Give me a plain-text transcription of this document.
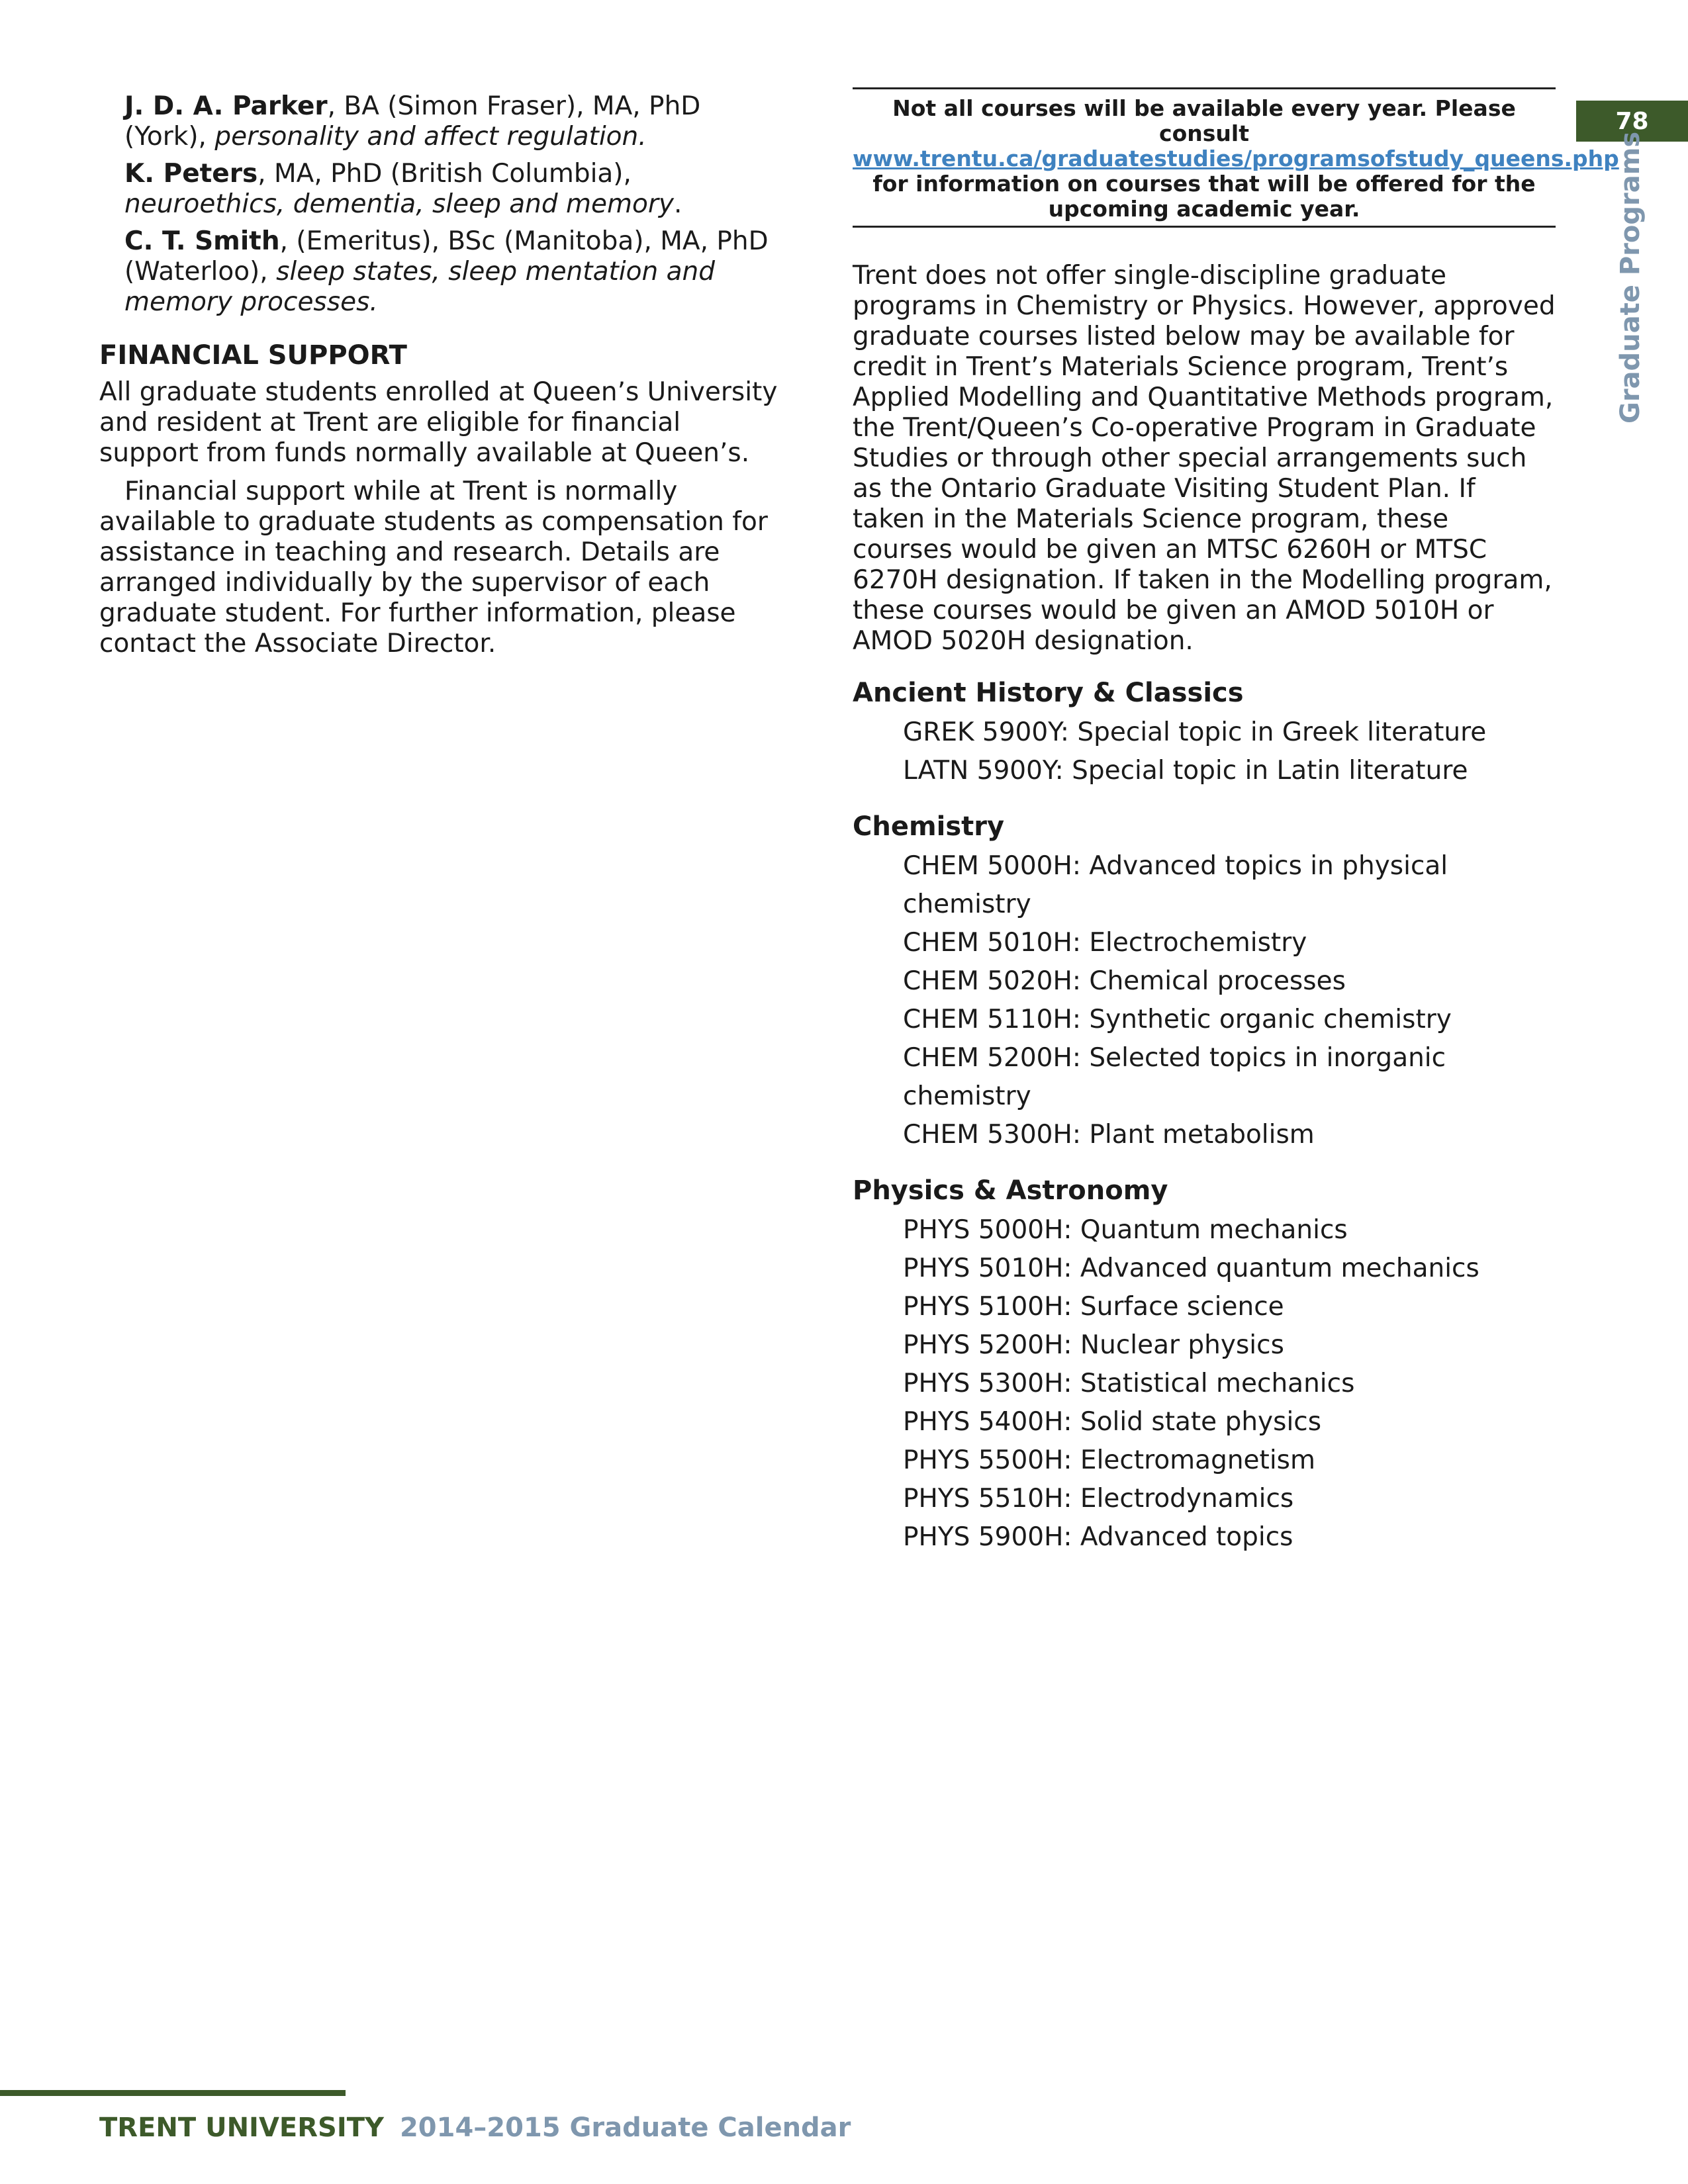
J. D. A. Parker, BA (Simon Fraser), MA, PhD (York), personality and affect regulation.

K. Peters, MA, PhD (British Columbia), neuroethics, dementia, sleep and memory.

C. T. Smith, (Emeritus), BSc (Manitoba), MA, PhD (Waterloo), sleep states, sleep mentation and memory processes.

FINANCIAL SUPPORT

All graduate students enrolled at Queen’s University and resident at Trent are eligible for financial support from funds normally available at Queen’s.

Financial support while at Trent is normally available to graduate students as compensation for assistance in teaching and research. Details are arranged individually by the supervisor of each graduate student. For further information, please contact the Associate Director.

Not all courses will be available every year. Please consult
www.trentu.ca/graduatestudies/programsofstudy_queens.php
for information on courses that will be offered for the upcoming academic year.

Trent does not offer single-discipline graduate programs in Chemistry or Physics. However, approved graduate courses listed below may be available for credit in Trent’s Materials Science program, Trent’s Applied Modelling and Quantitative Methods program, the Trent/Queen’s Co-operative Program in Graduate Studies or through other special arrangements such as the Ontario Graduate Visiting Student Plan. If taken in the Materials Science program, these courses would be given an MTSC 6260H or MTSC 6270H designation. If taken in the Modelling program, these courses would be given an AMOD 5010H or AMOD 5020H designation.

Ancient History & Classics
GREK 5900Y: Special topic in Greek literature
LATN 5900Y: Special topic in Latin literature
Chemistry
CHEM 5000H: Advanced topics in physical chemistry
CHEM 5010H: Electrochemistry
CHEM 5020H: Chemical processes
CHEM 5110H: Synthetic organic chemistry
CHEM 5200H: Selected topics in inorganic chemistry
CHEM 5300H: Plant metabolism
Physics & Astronomy
PHYS 5000H: Quantum mechanics
PHYS 5010H: Advanced quantum mechanics
PHYS 5100H: Surface science
PHYS 5200H: Nuclear physics
PHYS 5300H: Statistical mechanics
PHYS 5400H: Solid state physics
PHYS 5500H: Electromagnetism
PHYS 5510H: Electrodynamics
PHYS 5900H: Advanced topics
78
Graduate Programs
TRENT UNIVERSITY 2014–2015 Graduate Calendar
